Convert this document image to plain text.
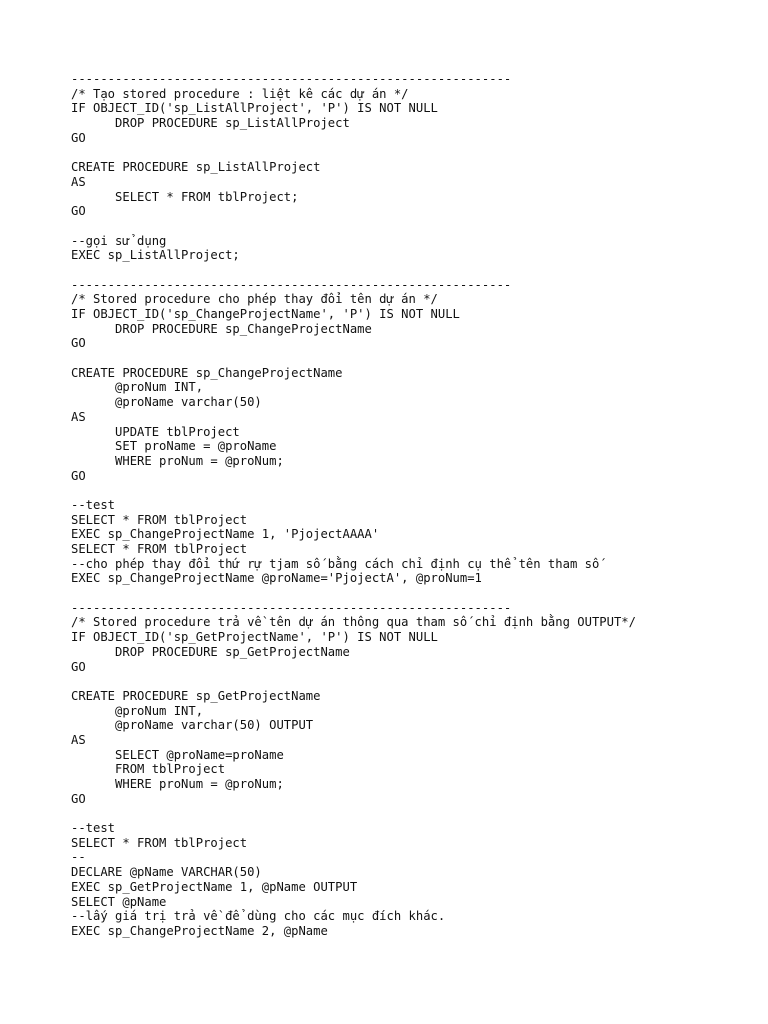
------------------------------------------------------------
/* Tạo stored procedure : liệt kê các dự án */
IF OBJECT_ID('sp_ListAllProject', 'P') IS NOT NULL
DROP PROCEDURE sp_ListAllProject
GO
CREATE PROCEDURE sp_ListAllProject
AS
SELECT * FROM tblProject;
GO
--gọi sử dụng
EXEC sp_ListAllProject;
------------------------------------------------------------
/* Stored procedure cho phép thay đổi tên dự án */
IF OBJECT_ID('sp_ChangeProjectName', 'P') IS NOT NULL
DROP PROCEDURE sp_ChangeProjectName
GO
CREATE PROCEDURE sp_ChangeProjectName
@proNum INT,
@proName varchar(50)
AS
UPDATE tblProject
SET proName = @proName
WHERE proNum = @proNum;
GO
--test
SELECT * FROM tblProject
EXEC sp_ChangeProjectName 1, 'PjojectAAAA'
SELECT * FROM tblProject
--cho phép thay đổi thứ rự tjam số bằng cách chỉ định cụ thể tên tham số
EXEC sp_ChangeProjectName @proName='PjojectA', @proNum=1
------------------------------------------------------------
/* Stored procedure trả về tên dự án thông qua tham số chỉ định bằng OUTPUT*/
IF OBJECT_ID('sp_GetProjectName', 'P') IS NOT NULL
DROP PROCEDURE sp_GetProjectName
GO
CREATE PROCEDURE sp_GetProjectName
@proNum INT,
@proName varchar(50) OUTPUT
AS
SELECT @proName=proName
FROM tblProject
WHERE proNum = @proNum;
GO
--test
SELECT * FROM tblProject
--
DECLARE @pName VARCHAR(50)
EXEC sp_GetProjectName 1, @pName OUTPUT
SELECT @pName
--lấy giá trị trả về để dùng cho các mục đích khác.
EXEC sp_ChangeProjectName 2, @pName
